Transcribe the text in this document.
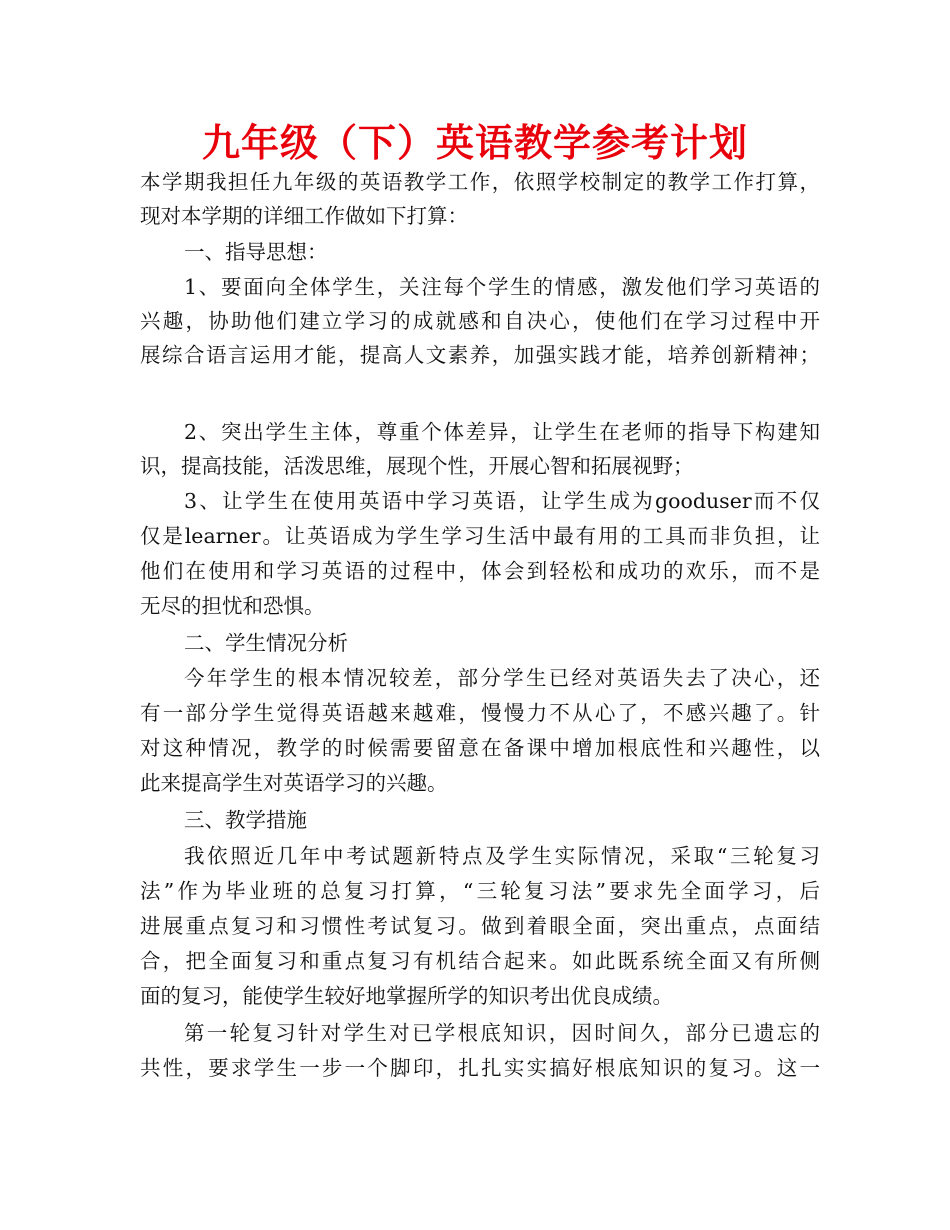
九年级（下）英语教学参考计划

本学期我担任九年级的英语教学工作，依照学校制定的教学工作打算，

现对本学期的详细工作做如下打算：

一、指导思想：

1、要面向全体学生，关注每个学生的情感，激发他们学习英语的

兴趣，协助他们建立学习的成就感和自决心，使他们在学习过程中开

展综合语言运用才能，提高人文素养，加强实践才能，培养创新精神；

2、突出学生主体，尊重个体差异，让学生在老师的指导下构建知

识，提高技能，活泼思维，展现个性，开展心智和拓展视野；

3、让学生在使用英语中学习英语，让学生成为gooduser而不仅

仅是learner。让英语成为学生学习生活中最有用的工具而非负担，让

他们在使用和学习英语的过程中，体会到轻松和成功的欢乐，而不是

无尽的担忧和恐惧。

二、学生情况分析

今年学生的根本情况较差，部分学生已经对英语失去了决心，还

有一部分学生觉得英语越来越难，慢慢力不从心了，不感兴趣了。针

对这种情况，教学的时候需要留意在备课中增加根底性和兴趣性，以

此来提高学生对英语学习的兴趣。

三、教学措施

我依照近几年中考试题新特点及学生实际情况，采取“三轮复习

法”作为毕业班的总复习打算，“三轮复习法”要求先全面学习，后

进展重点复习和习惯性考试复习。做到着眼全面，突出重点，点面结

合，把全面复习和重点复习有机结合起来。如此既系统全面又有所侧

面的复习，能使学生较好地掌握所学的知识考出优良成绩。

第一轮复习针对学生对已学根底知识，因时间久，部分已遗忘的

共性，要求学生一步一个脚印，扎扎实实搞好根底知识的复习。这一
